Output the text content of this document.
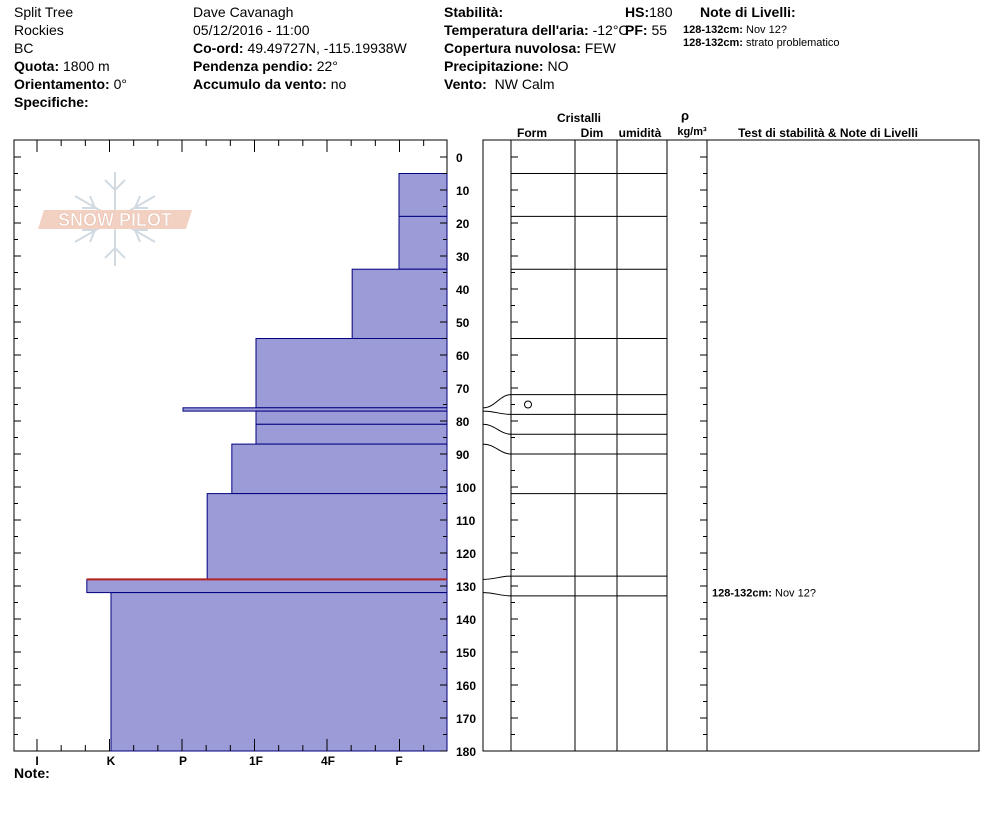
Split Tree
Rockies
BC
Quota: 1800 m
Orientamento: 0°
Specifiche:
Dave Cavanagh
05/12/2016 - 11:00
Co-ord: 49.49727N, -115.19938W
Pendenza pendio: 22°
Accumulo da vento: no
Stabilità:
Temperatura dell'aria: -12°C
Copertura nuvolosa: FEW
Precipitazione: NO
Vento: NW Calm
HS:180
PF: 55
Note di Livelli:
128-132cm: Nov 12?
128-132cm: strato problematico
SNOW PILOT
0
10
20
30
40
50
60
70
80
90
100
110
120
130
140
150
160
170
180
128-132cm: Nov 12?
Cristalli
Form	Dim umidità
ρ
kg/m³	Test di stabilità & Note di Livelli
I	K	P	1F	4F	F
Note:
